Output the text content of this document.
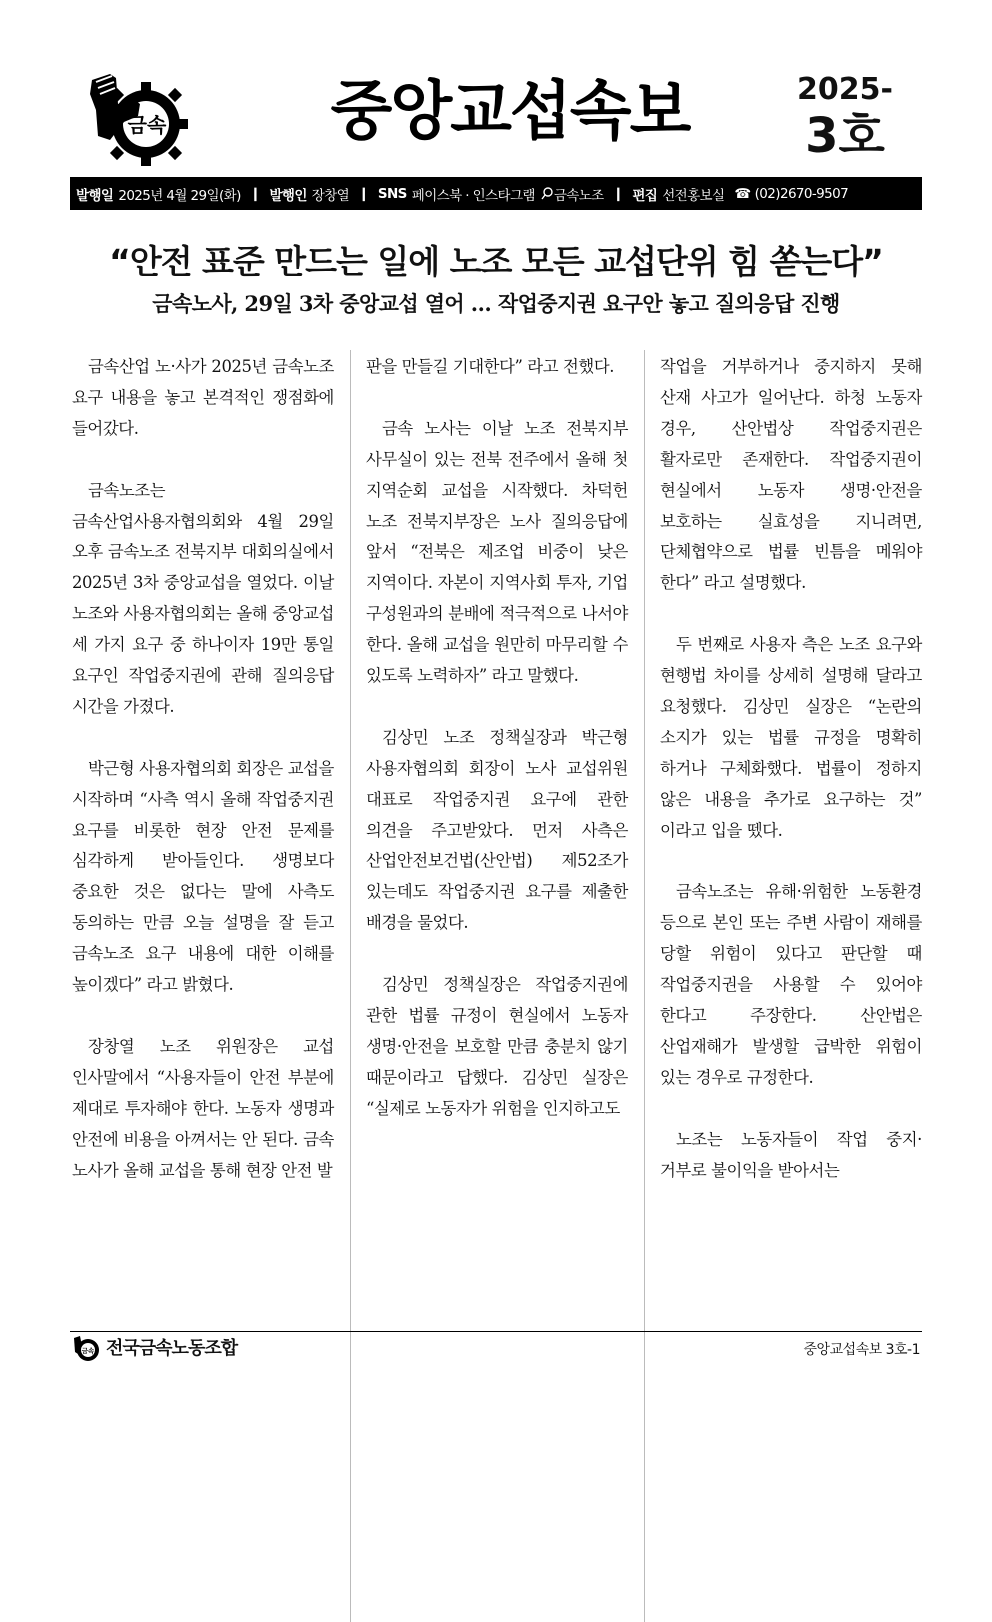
금속	중앙교섭속보	2025-
3호
발행일 2025년 4월 29일(화) ❙ 발행인 장창열 ❙ SNS 페이스북 · 인스타그램 금속노조 ❙ 편집 선전홍보실 ☎ (02)2670-9507
“안전 표준 만드는 일에 노조 모든 교섭단위 힘 쏟는다”
금속노사, 29일 3차 중앙교섭 열어 … 작업중지권 요구안 놓고 질의응답 진행

금속산업 노·사가 2025년 금속노조 요구 내용을 놓고 본격적인 쟁점화에 들어갔다.

금속노조는 금속산업사용자협의회와 4월 29일 오후 금속노조 전북지부 대회의실에서 2025년 3차 중앙교섭을 열었다. 이날 노조와 사용자협의회는 올해 중앙교섭 세 가지 요구 중 하나이자 19만 통일 요구인 작업중지권에 관해 질의응답 시간을 가졌다.

박근형 사용자협의회 회장은 교섭을 시작하며 “사측 역시 올해 작업중지권 요구를 비롯한 현장 안전 문제를 심각하게 받아들인다. 생명보다 중요한 것은 없다는 말에 사측도 동의하는 만큼 오늘 설명을 잘 듣고 금속노조 요구 내용에 대한 이해를 높이겠다” 라고 밝혔다.

장창열 노조 위원장은 교섭 인사말에서 “사용자들이 안전 부분에 제대로 투자해야 한다. 노동자 생명과 안전에 비용을 아껴서는 안 된다. 금속 노사가 올해 교섭을 통해 현장 안전 발

판을 만들길 기대한다” 라고 전했다.

금속 노사는 이날 노조 전북지부 사무실이 있는 전북 전주에서 올해 첫 지역순회 교섭을 시작했다. 차덕헌 노조 전북지부장은 노사 질의응답에 앞서 “전북은 제조업 비중이 낮은 지역이다. 자본이 지역사회 투자, 기업 구성원과의 분배에 적극적으로 나서야 한다. 올해 교섭을 원만히 마무리할 수 있도록 노력하자” 라고 말했다.

김상민 노조 정책실장과 박근형 사용자협의회 회장이 노사 교섭위원 대표로 작업중지권 요구에 관한 의견을 주고받았다. 먼저 사측은 산업안전보건법(산안법) 제52조가 있는데도 작업중지권 요구를 제출한 배경을 물었다.

김상민 정책실장은 작업중지권에 관한 법률 규정이 현실에서 노동자 생명·안전을 보호할 만큼 충분치 않기 때문이라고 답했다. 김상민 실장은 “실제로 노동자가 위험을 인지하고도

작업을 거부하거나 중지하지 못해 산재 사고가 일어난다. 하청 노동자 경우, 산안법상 작업중지권은 활자로만 존재한다. 작업중지권이 현실에서 노동자 생명·안전을 보호하는 실효성을 지니려면, 단체협약으로 법률 빈틈을 메워야 한다” 라고 설명했다.

두 번째로 사용자 측은 노조 요구와 현행법 차이를 상세히 설명해 달라고 요청했다. 김상민 실장은 “논란의 소지가 있는 법률 규정을 명확히 하거나 구체화했다. 법률이 정하지 않은 내용을 추가로 요구하는 것” 이라고 입을 뗐다.

금속노조는 유해·위험한 노동환경 등으로 본인 또는 주변 사람이 재해를 당할 위험이 있다고 판단할 때 작업중지권을 사용할 수 있어야 한다고 주장한다. 산안법은 산업재해가 발생할 급박한 위험이 있는 경우로 규정한다.

노조는 노동자들이 작업 중지·거부로 불이익을 받아서는

금속 전국금속노동조합	중앙교섭속보 3호-1
